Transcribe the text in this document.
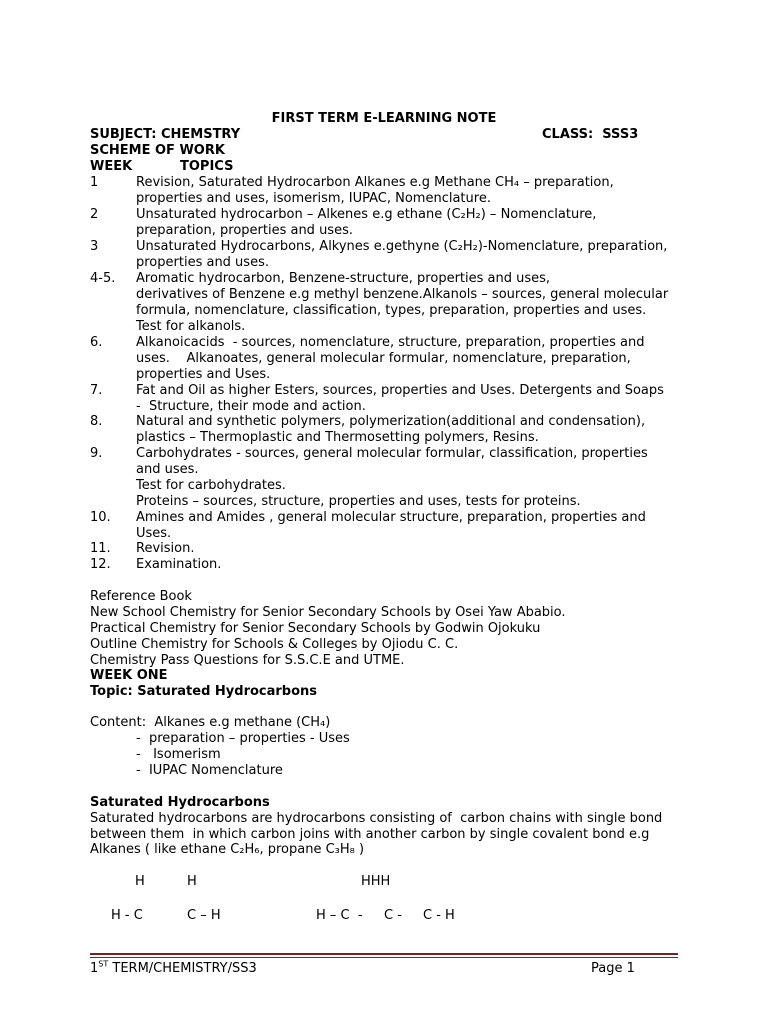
FIRST TERM E-LEARNING NOTE
SUBJECT: CHEMSTRY	CLASS:  SSS3
SCHEME OF WORK
WEEK	TOPICS
1	Revision, Saturated Hydrocarbon Alkanes e.g Methane CH₄ – preparation,
properties and uses, isomerism, IUPAC, Nomenclature.
2	Unsaturated hydrocarbon – Alkenes e.g ethane (C₂H₂) – Nomenclature,
preparation, properties and uses.
3	Unsaturated Hydrocarbons, Alkynes e.gethyne (C₂H₂)-Nomenclature, preparation,
properties and uses.
4-5. Aromatic hydrocarbon, Benzene-structure, properties and uses,
derivatives of Benzene e.g methyl benzene.Alkanols – sources, general molecular
formula, nomenclature, classification, types, preparation, properties and uses.
Test for alkanols.
6.	Alkanoicacids  - sources, nomenclature, structure, preparation, properties and
uses.    Alkanoates, general molecular formular, nomenclature, preparation,
properties and Uses.
7.	Fat and Oil as higher Esters, sources, properties and Uses. Detergents and Soaps
-  Structure, their mode and action.
8.	Natural and synthetic polymers, polymerization(additional and condensation),
plastics – Thermoplastic and Thermosetting polymers, Resins.
9.	Carbohydrates - sources, general molecular formular, classification, properties
and uses.
Test for carbohydrates.
Proteins – sources, structure, properties and uses, tests for proteins.
10. Amines and Amides , general molecular structure, preparation, properties and
Uses.
11. Revision.
12. Examination.
Reference Book
New School Chemistry for Senior Secondary Schools by Osei Yaw Ababio.
Practical Chemistry for Senior Secondary Schools by Godwin Ojokuku
Outline Chemistry for Schools & Colleges by Ojiodu C. C.
Chemistry Pass Questions for S.S.C.E and UTME.
WEEK ONE
Topic: Saturated Hydrocarbons
Content:  Alkanes e.g methane (CH₄)
-  preparation – properties - Uses
-   Isomerism
-  IUPAC Nomenclature
Saturated Hydrocarbons
Saturated hydrocarbons are hydrocarbons consisting of  carbon chains with single bond
between them  in which carbon joins with another carbon by single covalent bond e.g
Alkanes ( like ethane C₂H₆, propane C₃H₈ )
H	H	HHH
H - C	C – H	H – C  - C - C - H
1ST TERM/CHEMISTRY/SS3	Page 1
